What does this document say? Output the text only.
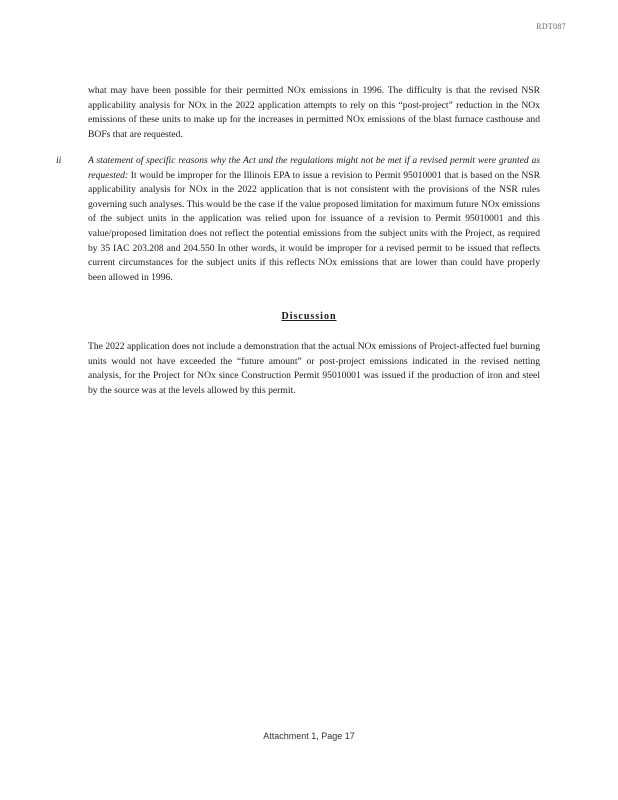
RDT087

what may have been possible for their permitted NOx emissions in 1996. The difficulty is that the revised NSR applicability analysis for NOx in the 2022 application attempts to rely on this “post-project” reduction in the NOx emissions of these units to make up for the increases in permitted NOx emissions of the blast furnace casthouse and BOFs that are requested.

ii	A statement of specific reasons why the Act and the regulations might not be met if a revised permit were granted as requested: It would be improper for the Illinois EPA to issue a revision to Permit 95010001 that is based on the NSR applicability analysis for NOx in the 2022 application that is not consistent with the provisions of the NSR rules governing such analyses. This would be the case if the value proposed limitation for maximum future NOx emissions of the subject units in the application was relied upon for issuance of a revision to Permit 95010001 and this value/proposed limitation does not reflect the potential emissions from the subject units with the Project, as required by 35 IAC 203.208 and 204.550 In other words, it would be improper for a revised permit to be issued that reflects current circumstances for the subject units if this reflects NOx emissions that are lower than could have properly been allowed in 1996.

Discussion

The 2022 application does not include a demonstration that the actual NOx emissions of Project-affected fuel burning units would not have exceeded the “future amount” or post-project emissions indicated in the revised netting analysis, for the Project for NOx since Construction Permit 95010001 was issued if the production of iron and steel by the source was at the levels allowed by this permit.

Attachment 1, Page 17
